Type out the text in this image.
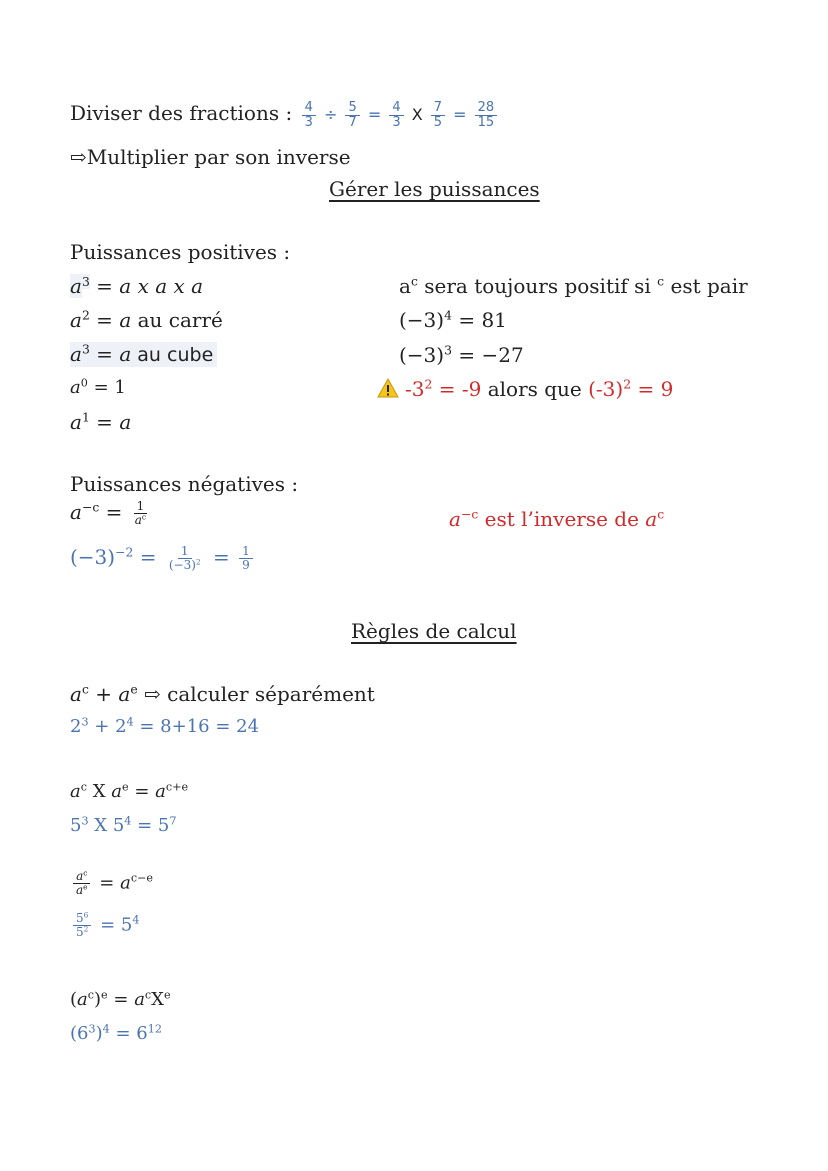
Diviser des fractions : $\frac{4}{3} \div \frac{5}{7} = \frac{4}{3}$ X $\frac{7}{5} = \frac{28}{15}$
⇨Multiplier par son inverse
Gérer les puissances
Puissances positives :
$a^3 = a$ x a x a
$a^2 = a$ au carré
$a^3 = a$ au cube
$a^0 = 1$
$a^1 = a$
$a^c$ sera toujours positif si $^c$ est pair
$(-3)^4 = 81$
$(-3)^3 = -27$
$-3^2 = -9$ alors que $(-3)^2 = 9$
Puissances négatives :
$a^{-c} = \frac{1}{a^c}$
$(-3)^{-2} = \frac{1}{(-3)^2} = \frac{1}{9}$
$a^{-c}$ est l’inverse de $a^c$
Règles de calcul
$a^c + a^e$ ⇨ calculer séparément
$2^3 + 2^4 = 8+16 = 24$
$a^c$ X $a^e = a^{c+e}$
$5^3$ X $5^4 = 5^7$
$\frac{a^c}{a^e} = a^{c-e}$
$\frac{5^6}{5^2} = 5^4$
$(a^c)^e = a^cX^e$
$(6^3)^4 = 6^{12}$
